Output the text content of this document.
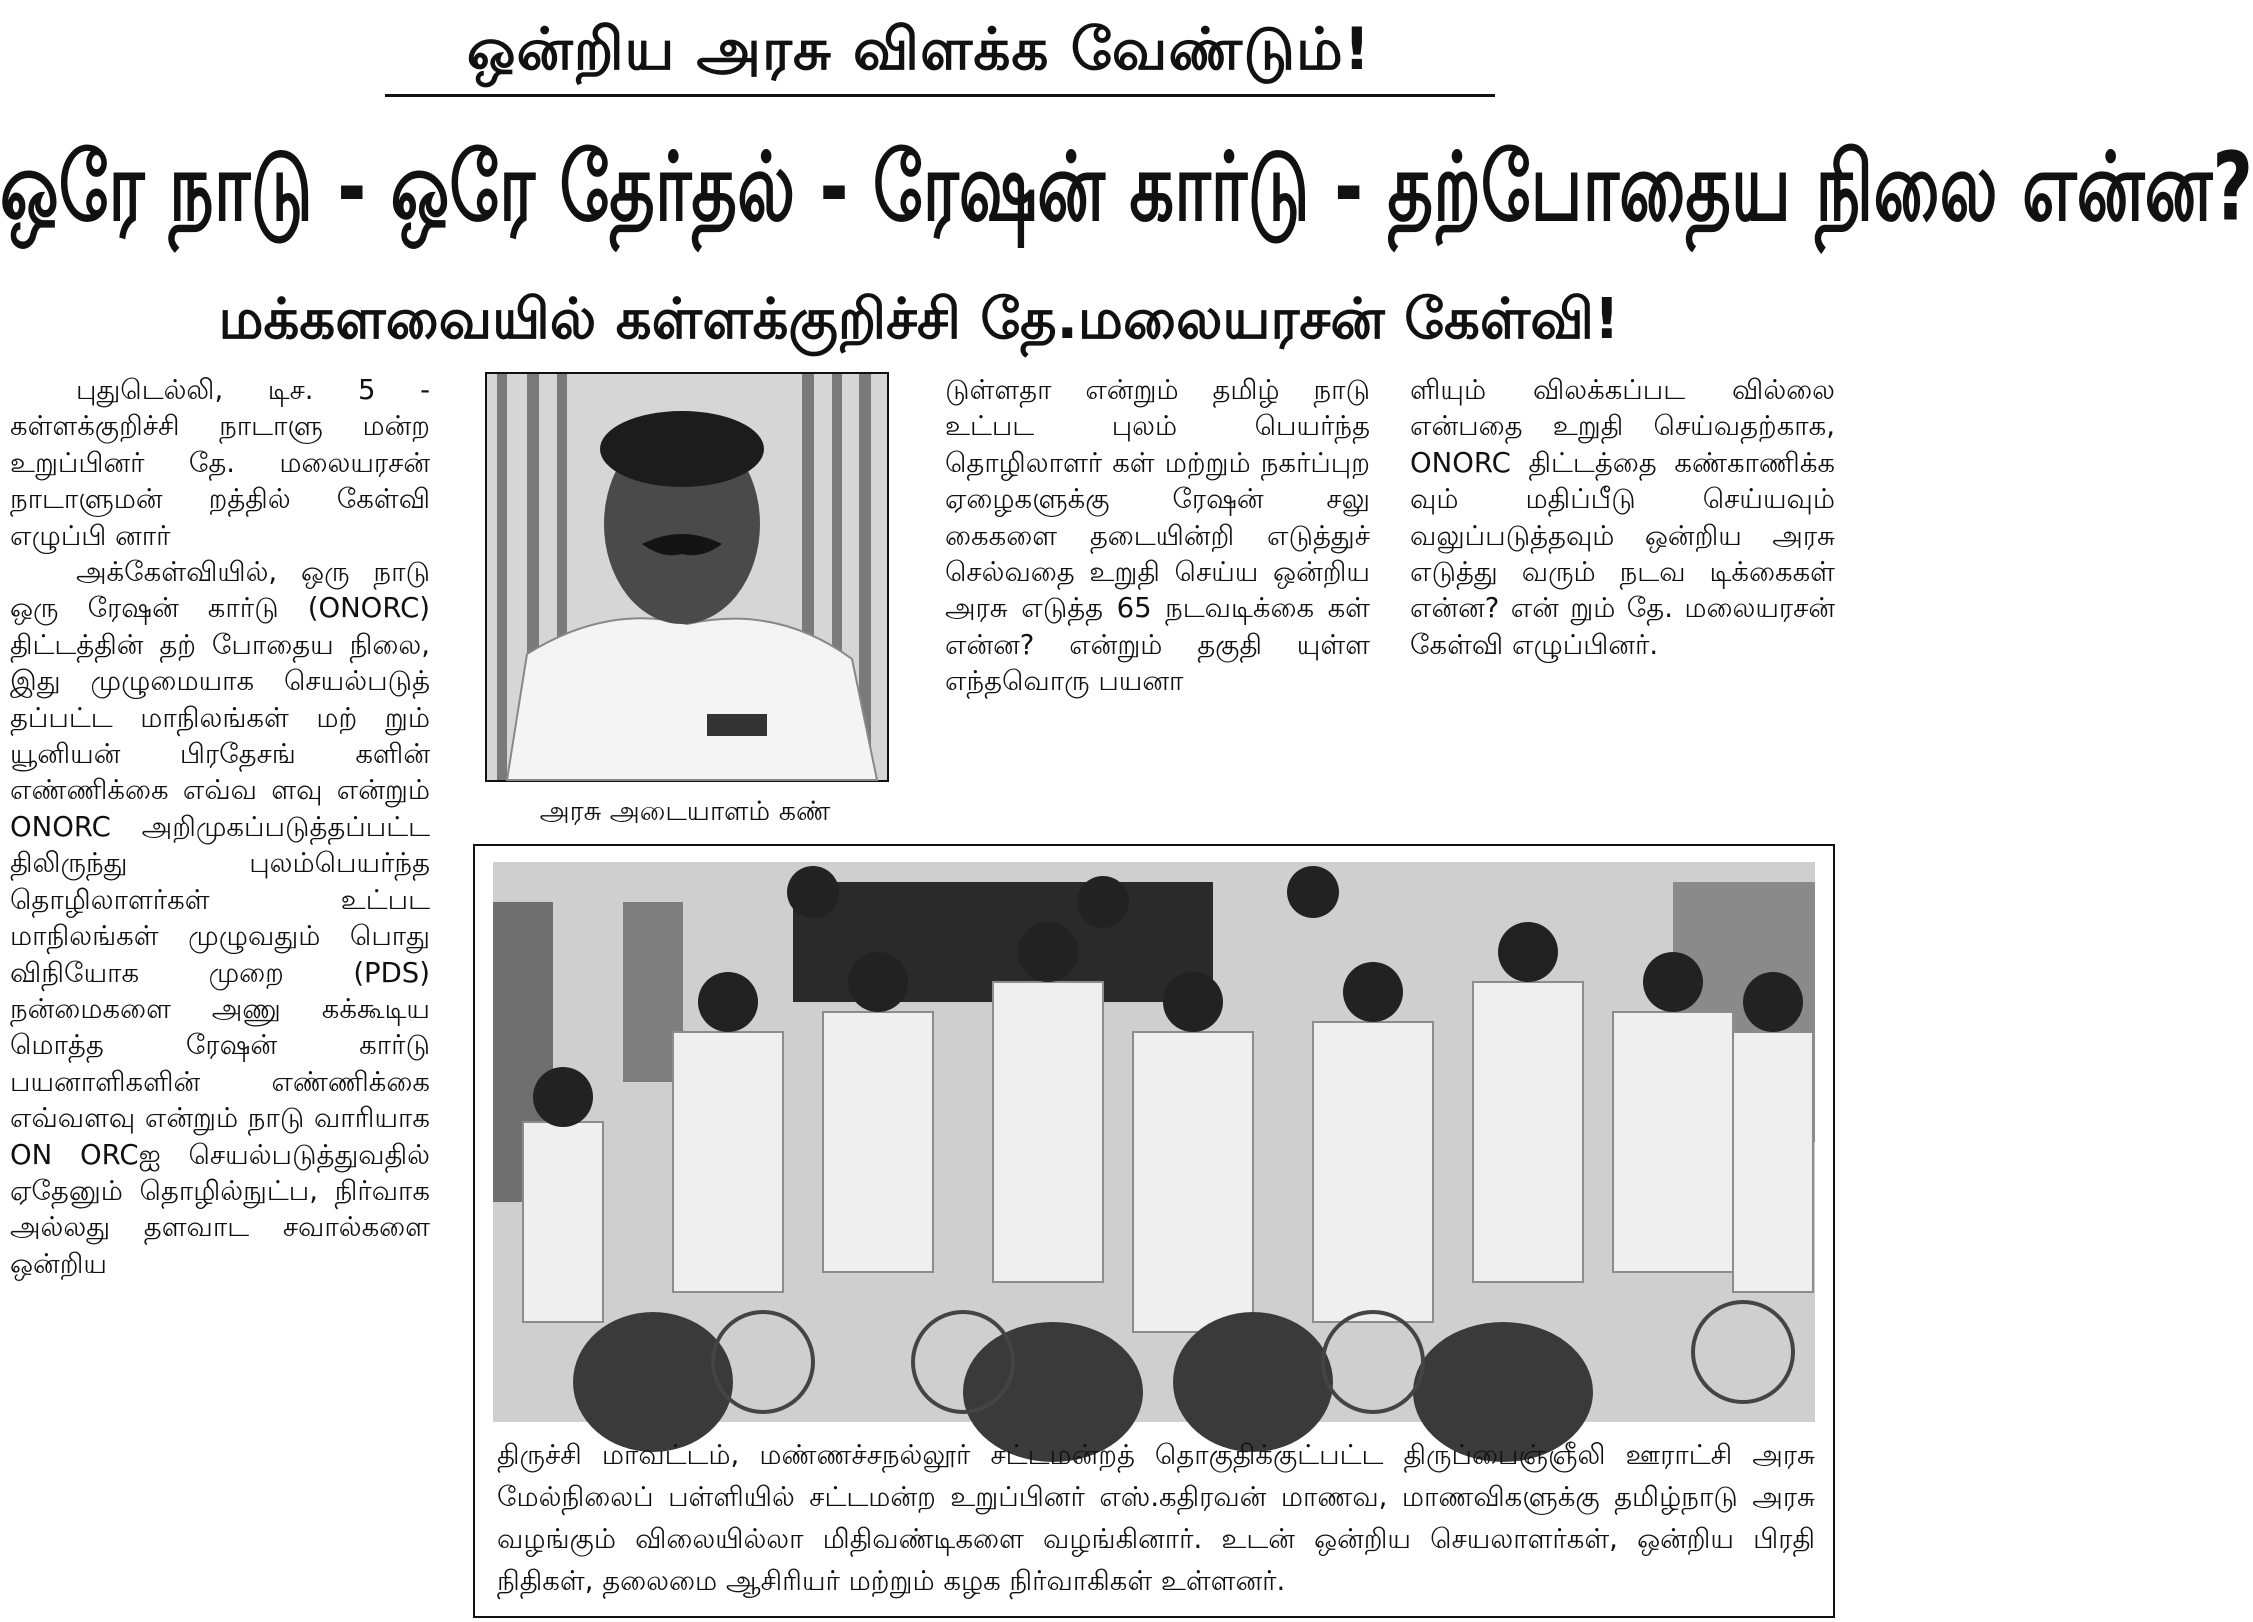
ஒன்றிய அரசு விளக்க வேண்டும்!
ஒரே நாடு - ஒரே தேர்தல் - ரேஷன் கார்டு - தற்போதைய நிலை என்ன?
மக்களவையில் கள்ளக்குறிச்சி தே.மலையரசன் கேள்வி!

புதுடெல்லி, டிச. 5 - கள்ளக்குறிச்சி நாடாளு மன்ற உறுப்பினர் தே. மலையரசன் நாடாளுமன் றத்தில் கேள்வி எழுப்பி னார்

அக்கேள்வியில், ஒரு நாடு ஒரு ரேஷன் கார்டு (ONORC) திட்டத்தின் தற் போதைய நிலை, இது முழுமையாக செயல்படுத் தப்பட்ட மாநிலங்கள் மற் றும் யூனியன் பிரதேசங் களின் எண்ணிக்கை எவ்வ ளவு என்றும் ONORC அறிமுகப்படுத்தப்பட்ட திலிருந்து புலம்பெயர்ந்த தொழிலாளர்கள் உட்பட மாநிலங்கள் முழுவதும் பொது விநியோக முறை (PDS) நன்மைகளை அணு கக்கூடிய மொத்த ரேஷன் கார்டு பயனாளிகளின் எண்ணிக்கை எவ்வளவு என்றும் நாடு வாரியாக ON ORCஐ செயல்படுத்துவதில் ஏதேனும் தொழில்நுட்ப, நிர்வாக அல்லது தளவாட சவால்களை ஒன்றிய

அரசு அடையாளம் கண்

டுள்ளதா என்றும் தமிழ் நாடு உட்பட புலம் பெயர்ந்த தொழிலாளர் கள் மற்றும் நகர்ப்புற ஏழைகளுக்கு ரேஷன் சலு கைகளை தடையின்றி எடுத்துச் செல்வதை உறுதி செய்ய ஒன்றிய அரசு எடுத்த 65 நடவடிக்கை கள் என்ன? என்றும் தகுதி யுள்ள எந்தவொரு பயனா

ளியும் விலக்கப்பட வில்லை என்பதை உறுதி செய்வதற்காக, ONORC திட்டத்தை கண்காணிக்க வும் மதிப்பீடு செய்யவும் வலுப்படுத்தவும் ஒன்றிய அரசு எடுத்து வரும் நடவ டிக்கைகள் என்ன? என் றும் தே. மலையரசன் கேள்வி எழுப்பினர்.

திருச்சி மாவட்டம், மண்ணச்சநல்லூர் சட்டமன்றத் தொகுதிக்குட்பட்ட திருப்பைஞ்ஞீலி ஊராட்சி அரசு மேல்நிலைப் பள்ளியில் சட்டமன்ற உறுப்பினர் எஸ்.கதிரவன் மாணவ, மாணவிகளுக்கு தமிழ்நாடு அரசு வழங்கும் விலையில்லா மிதிவண்டிகளை வழங்கினார். உடன் ஒன்றிய செயலாளர்கள், ஒன்றிய பிரதி நிதிகள், தலைமை ஆசிரியர் மற்றும் கழக நிர்வாகிகள் உள்ளனர்.
